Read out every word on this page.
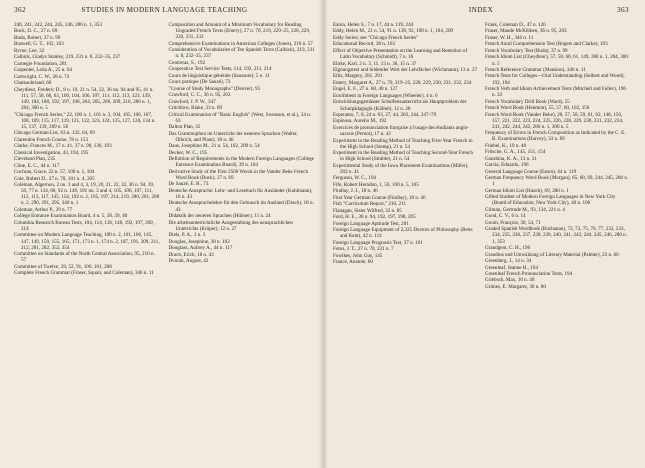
362	STUDIES IN MODERN LANGUAGE TEACHING
240, 241, 242, 244, 245, 246, 280 n. 1, 353
Buck, D. C., 27 n. 69
Buda, Robert, 37 n. 99
Buswell, G. T., 102, 103
Byrne, Lee, 32
Calbick, Gladys Stanley, 219, 231 n. 8, 232–35, 237
Carnegie Foundation, 281
Carpenter, Leila A., 25 n. 64
Cartwright, C. W., 28 n. 74
Chateaubriand, 60
Cheydleur, Frederic D., 8 n. 19, 21 n. 54, 22, 36 nn. 94 and 95, 41 n. 111, 57, 58, 60, 63, 100, 104, 106, 107, 111, 112, 113, 123, 139, 149, 184, 188, 192, 197, 198, 204, 205, 206, 209, 210, 280 n. 1, 284, 300 n. 5
"Chicago French Series," 22, 100 n. 1, 101 n. 3, 104, 105, 106, 107, 108, 109, 115, 117, 119, 121, 122, 123, 124, 125, 127, 128, 134 n. 15, 137, 139, 209 n. 56
Chicago German List, 63 n. 132, 64, 69
Clarendon French Course, 78 n. 153
Clarke, Frances M., 17 n. 41, 37 n. 98, 136, 193
Classical Investigation, 43, 194, 195
Cleveland Plan, 235
Cline, E. C., 44 n. 117
Cochran, Grace, 22 n. 57, 100 n. 1, 104
Cole, Robert D., 27 n. 70, 101 n. 4, 205
Coleman, Algernon, 2 nn. 3 and 4, 3, 19, 20, 21, 22, 32, 36 n. 94, 39, 50, 77 n. 134, 88, 92 n. 149, 101 nn. 3 and 4, 105, 106, 107, 111, 112, 113, 117, 145, 154, 192 n. 2, 195, 197, 214, 219, 280, 281, 288 n. 2, 290, 291, 295, 346 n. 1
Coleman, Arthur P., 29 n. 77
College Entrance Examination Board, 4 n. 5, 38, 39, 40
Columbia Research Bureau Tests, 104, 114, 136, 148, 192, 197, 209, 214
Committee on Modern Language Teaching, 100 n. 2, 101, 106, 145, 147, 149, 150, 155, 165, 171, 173 n. 1, 174 n. 2, 187, 191, 209, 211, 212, 281, 282, 352, 354
Committee on Standards of the North Central Association, 95, 210 n. 57
Committee of Twelve, 39, 52, 91, 100, 101, 208
Complete French Grammar (Fraser, Squair, and Coleman), 346 n. 11
Composition and Amount of a Minimum Vocabulary for Reading Ungraded French Texts (Emery), 27 n. 70, 219, 220–25, 228, 229, 230, 231, 232
Comprehensive Examinations in American Colleges (Jones), 210 n. 57
Consideration of Vocabularies of Ten Spanish Texts (Calbick), 219, 231 n. 8, 232–35, 237
Contreras, S., 192
Cooperative Test Service Tests, 114, 192, 211, 214
Cours de linguistique générale (Saussure), 5 n. 11
Cours pratique (De Sauzé), 73
"Course of Study Monographs" (Denver), 93
Crawford, C. C., 36 n. 95, 203
Crawford, J. P. W., 347
Critchlow, Blake, 33 n. 89
Critical Examination of "Basic English" (West, Swenson, et al.), 24 n. 63
Dalton Plan, 35
Das Grammophon im Unterricht der neueren Sprachen (Walter, Olbrich, and Plaut), 18 n. 46
Daus, Josephine M., 21 n. 54, 102, 209 n. 54
Decker, W. C., 195
Definition of Requirements in the Modern Foreign Languages (College Entrance Examination Board), 39 n. 104
Derivative Study of the First 2500 Words in the Vander Beke French Word Book (Buck), 27 n. 69
De Sauzé, E. B., 73
Deutsche Aussprache: Lehr- und Lesebuch für Ausländer (Kuhlmann), 18 n. 43
Deutsche Aussprachelehre für den Gebrauch im Ausland (Drach), 18 n. 43
Didaktik der neueren Sprachen (Hübner), 11 n. 24
Die arbeitsunterrichtliche Ausgestaltung des neusprachlichen Unterrichts (Krüper), 12 n. 27
Diels, P. A., 1 n. 3
Douglas, Josephine, 38 n. 102
Douglass, Aubrey A., 44 n. 117
Drach, Erich, 18 n. 43
Dvorak, August, 42
INDEX	363
Eaton, Helen S., 7 n. 17, 44 n. 119, 244
Eddy, Helen M., 21 n. 54, 91 n. 138, 92, 100 n. 1, 104, 209
Eddy Series; see "Chicago French Series"
Educational Record, 38 n. 103
Effect of Objective Presentation on the Learning and Retention of Latin Vocabulary (Schmidt), 7 n. 16
Ehrke, Karl, 2 n. 3, 11, 13 n. 30, 15 n. 37
Eignungstest und bildender Wert der Lehrfächer (Wichmann), 13 n. 37
Ellis, Margery, 281, 291
Emery, Margaret A., 27 n. 70, 219–25, 228, 229, 230, 231, 232, 234
Engel, E. F., 27 n. 68, 48 n. 127
Enrollment in Foreign Languages (Wheeler), 4 n. 6
Entwicklungsgemässer Schulfensunterricht als Hauptproblem der Schulpädagogik (Kölhel), 12 n. 28
Esperanto, 7, 8, 24 n. 63, 27, 44, 203, 244, 247–79
Espinosa, Aurelio M., 192
Exercices de prononciation française à l'usage des étudiants anglo-saxons (Pernot), 17 n. 42
Experiment in the Reading Method of Teaching First-Year French in the High School (Stemp), 21 n. 54
Experiment in the Reading Method of Teaching Second-Year French in High School (Struble), 21 n. 54
Experimental Study of the Iowa Placement Examinations (Miller), 202 n. 41
Ferguson, W. C., 194
Fife, Robert Herndon, 1, 50, 100 n. 5, 105
Findlay, J. J., 18 n. 46
First Year German Course (Findlay), 18 n. 46
Fish "Curriculum Report," 210, 211
Flanagan, Sister Wilfred, 32 n. 85
Ford, H. E., 36 n. 94, 192, 197, 198, 205
Foreign Language Aptitude Test, 201
Foreign Language Equipment of 2,325 Doctors of Philosophy (Betts and Kent), 42 n. 114
Foreign Language Prognosis Test, 37 n. 101
Fotos, J. T., 27 n. 70, 231 n. 7
Fowlkes, John Guy, 145
France, Anatole, 60
Frank, Coleman D., 47 n. 126
Fraser, Maude McKibben, 36 n. 95, 203
Fraser, W. H., 346 n. 11
French Aural Comprehension Test (Rogers and Clarke), 193
French Vocabulary Test (Buda), 37 n. 99
French Idiom List (Cheydleur), 57, 58, 60, 61, 149, 280 n. 1, 284, 300 n. 5
French Reference Grammar (Mansion), 346 n. 11
French Tests for Colleges—Oral Understanding (Seibert and Wood), 192, 194
French Verb and Idiom Achievement Tests (Mitchell and Fuller), 196 n. 22
French Vocabulary Drill Book (Ward), 55
French Word Book (Henmon), 55, 57, 60, 102, 150
French Word Book (Vander Beke), 28, 57, 58, 59, 61, 62, 148, 150, 157, 221, 222, 223, 224, 225, 226, 228, 229, 230, 231, 232, 234, 241, 242, 244, 245, 280 n. 1, 300 n. 5
Frequency of Errors in French Composition as Indicated by the C. E. B. Examinations (Harvey), 33 n. 89
Friebel, K., 19 n. 48
Fritsche, G. A., 145, 151, 154
Ganshina, K. A., 13 n. 31
Garcia, Eduardo, 196
General Language Course (Eaton), 44 n. 119
German Frequency Word Book (Morgan), 65, 68, 69, 244, 245, 280 n. 1
German Idiom List (Hauch), 69, 280 n. 1
Gifted Student of Modern Foreign Languages in New York City (Board of Education, New York City), 40 n. 106
Gilman, Gertrude M., 93, 134, 221 n. 4
Good, C. V., 6 n. 14
Gouin, François, 30, 54, 71
Graded Spanish Wordbook (Buchanan), 72, 73, 75, 76, 77, 232, 233, 234, 235, 236, 237, 238, 239, 240, 241, 242, 244, 245, 246, 280 n. 1, 353
Grandgent, C. H., 196
Grandius und Umwälzung of Literary Material (Palmer), 23 n. 60
Greenberg, J., 14 n. 34
Greenleaf, Jeanne H., 194
Greenleaf French Pronunciation Tests, 194
Griebsch, Max, 10 n. 40
Grimes, E. Margaret, 30 n. 80
